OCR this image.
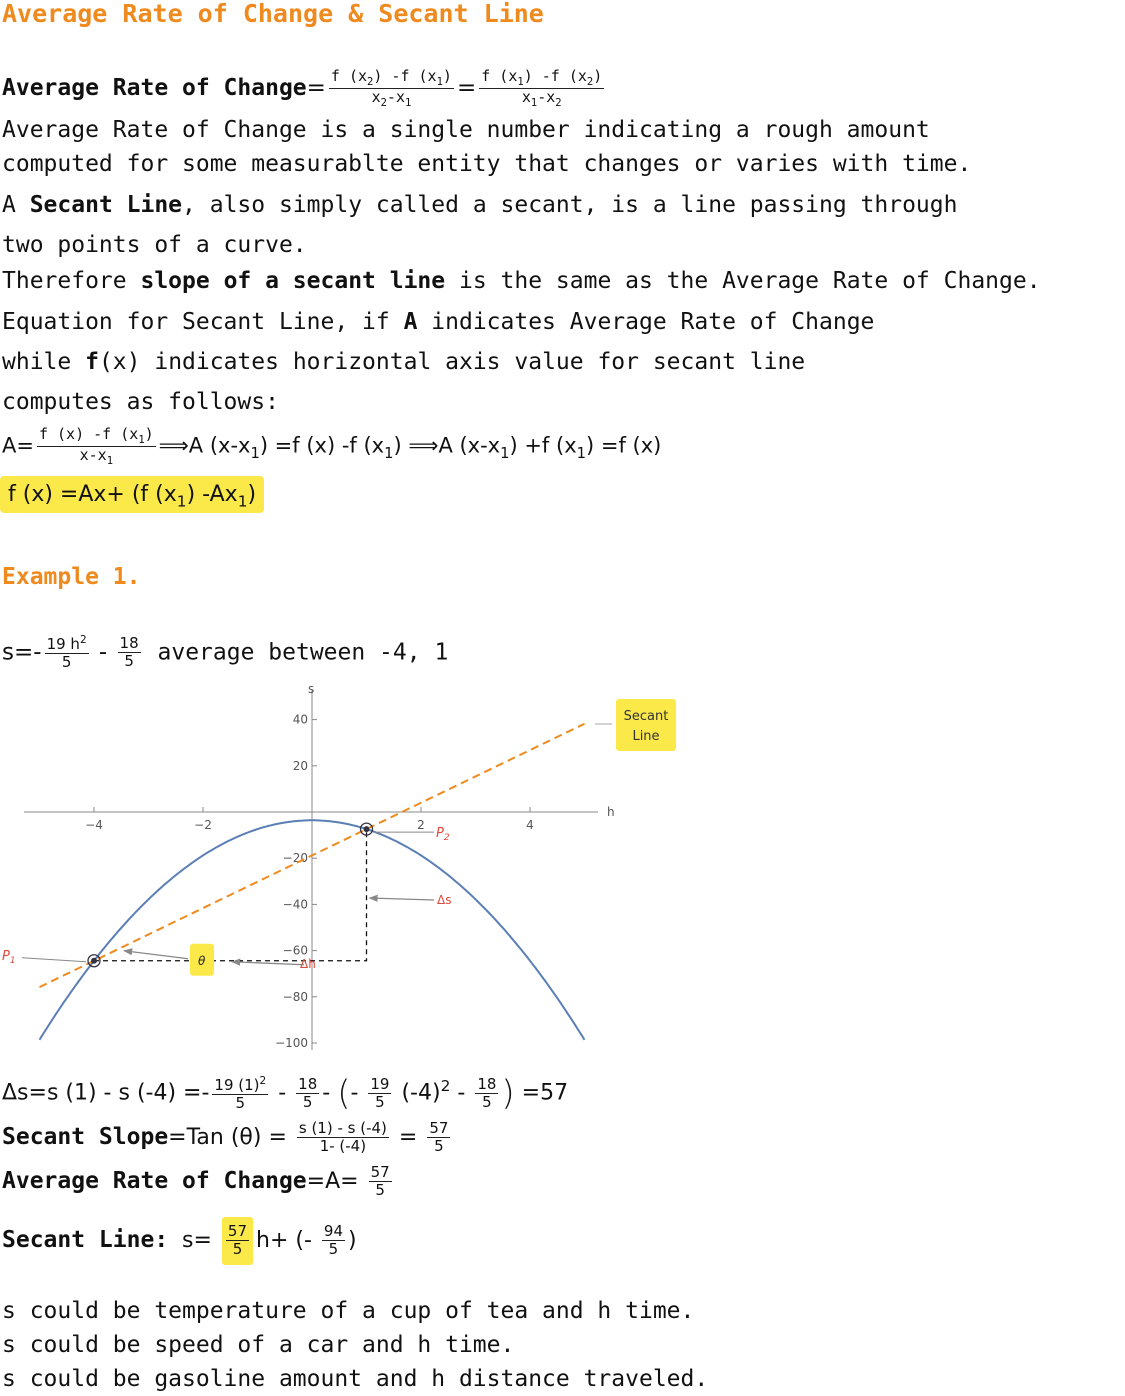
Average Rate of Change & Secant Line
Average Rate of Change= $\frac{f (x_2) -f (x_1)}{x_2-x_1} = \frac{f (x_1) -f (x_2)}{x_1-x_2}$
Average Rate of Change is a single number indicating a rough amount
computed for some measurablte entity that changes or varies with time.
A Secant Line, also simply called a secant, is a line passing through
two points of a curve.
Therefore slope of a secant line is the same as the Average Rate of Change.
Equation for Secant Line, if A indicates Average Rate of Change
while f(x) indicates horizontal axis value for secant line
computes as follows:
$A= \frac{f (x) -f (x_1)}{x-x_1}$ ⟹A $(x-x_1) =f$ (x) -f $(x_1)$ ⟹A $(x-x_1) +f$ $(x_1) =f$ (x)
f (x) =Ax+ (f $(x_1)$ $-Ax_1$)
Example 1.
$s=- \frac{19 h^2}{5} - \frac{18}{5}$ average between -4, 1
h
s
−4	−2	2	4
40
20
−20
−40
−60
−80
−100
$P_1$
$P_2$
Δs
Δh
θ
Secant
Line
Δs=s (1) - s $(-4) =- \frac{19 (1)^2}{5} - \frac{18}{5}$ - (- $\frac{19}{5} (-4)^2 - \frac{18}{5}$ ) =57
Secant Slope=Tan $(\theta) = \frac{s (1) - s (-4)}{1- (-4)} = \frac{57}{5}$
Average Rate of Change=A= $\frac{57}{5}$
Secant Line: $s= \frac{57}{5} h+$ (- $\frac{94}{5}$ )
s could be temperature of a cup of tea and h time.
s could be speed of a car and h time.
s could be gasoline amount and h distance traveled.
